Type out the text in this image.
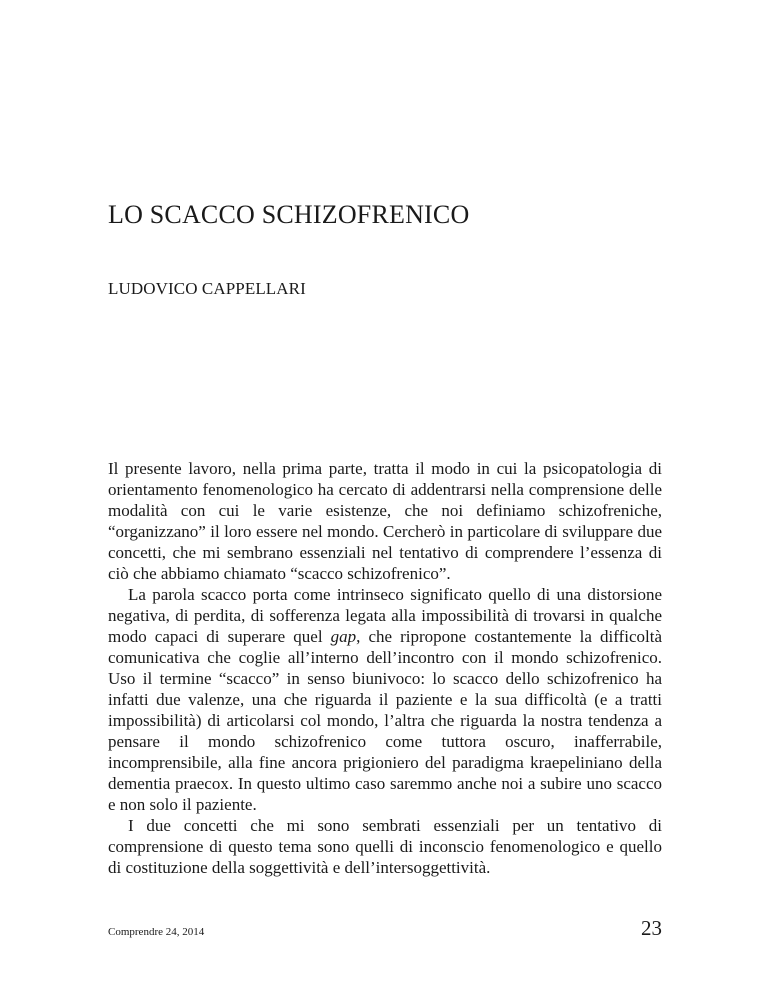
LO SCACCO SCHIZOFRENICO
LUDOVICO CAPPELLARI

Il presente lavoro, nella prima parte, tratta il modo in cui la psicopatologia di orientamento fenomenologico ha cercato di addentrarsi nella comprensione delle modalità con cui le varie esistenze, che noi definiamo schizofreniche, “organizzano” il loro essere nel mondo. Cercherò in particolare di sviluppare due concetti, che mi sembrano essenziali nel tentativo di comprendere l’essenza di ciò che abbiamo chiamato “scacco schizofrenico”.

La parola scacco porta come intrinseco significato quello di una distorsione negativa, di perdita, di sofferenza legata alla impossibilità di trovarsi in qualche modo capaci di superare quel gap, che ripropone costantemente la difficoltà comunicativa che coglie all’interno dell’incontro con il mondo schizofrenico. Uso il termine “scacco” in senso biunivoco: lo scacco dello schizofrenico ha infatti due valenze, una che riguarda il paziente e la sua difficoltà (e a tratti impossibilità) di articolarsi col mondo, l’altra che riguarda la nostra tendenza a pensare il mondo schizofrenico come tuttora oscuro, inafferrabile, incomprensibile, alla fine ancora prigioniero del paradigma kraepeliniano della dementia praecox. In questo ultimo caso saremmo anche noi a subire uno scacco e non solo il paziente.

I due concetti che mi sono sembrati essenziali per un tentativo di comprensione di questo tema sono quelli di inconscio fenomenologico e quello di costituzione della soggettività e dell’intersoggettività.

Comprendre 24, 2014	23
